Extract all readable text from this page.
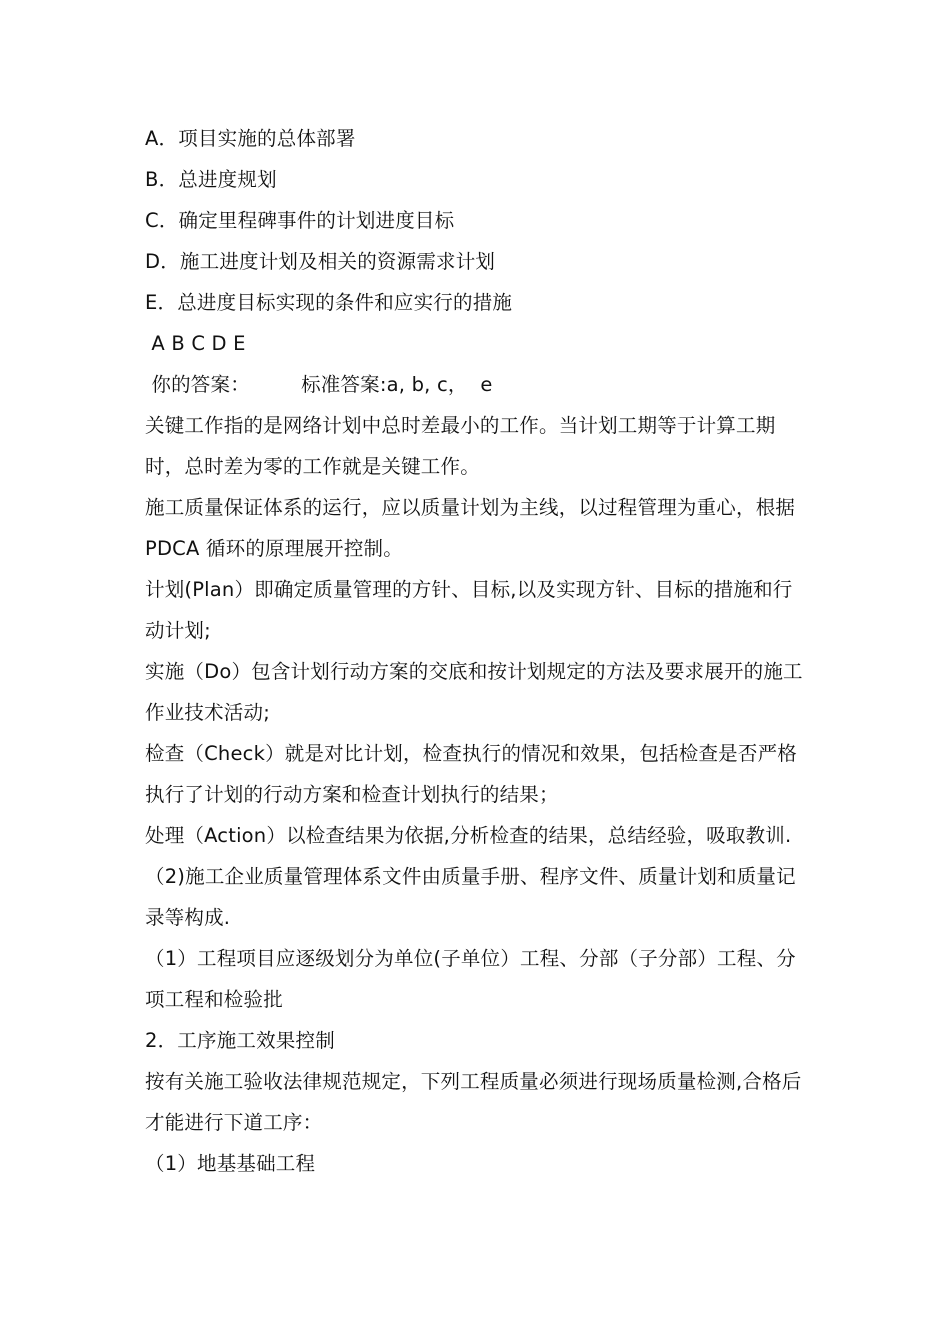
A．项目实施的总体部署
B．总进度规划
C．确定里程碑事件的计划进度目标
D．施工进度计划及相关的资源需求计划
E．总进度目标实现的条件和应实行的措施
A B C D E
你的答案：        标准答案:a, b, c，  e
关键工作指的是网络计划中总时差最小的工作。当计划工期等于计算工期时，总时差为零的工作就是关键工作。
施工质量保证体系的运行，应以质量计划为主线，以过程管理为重心，根据 PDCA 循环的原理展开控制。
计划(Plan）即确定质量管理的方针、目标,以及实现方针、目标的措施和行动计划;
实施（Do）包含计划行动方案的交底和按计划规定的方法及要求展开的施工作业技术活动;
检查（Check）就是对比计划，检查执行的情况和效果，包括检查是否严格执行了计划的行动方案和检查计划执行的结果；
处理（Action）以检查结果为依据,分析检查的结果，总结经验，吸取教训.
（2)施工企业质量管理体系文件由质量手册、程序文件、质量计划和质量记录等构成.
（1）工程项目应逐级划分为单位(子单位）工程、分部（子分部）工程、分项工程和检验批
2．工序施工效果控制
按有关施工验收法律规范规定，下列工程质量必须进行现场质量检测,合格后才能进行下道工序：
（1）地基基础工程
